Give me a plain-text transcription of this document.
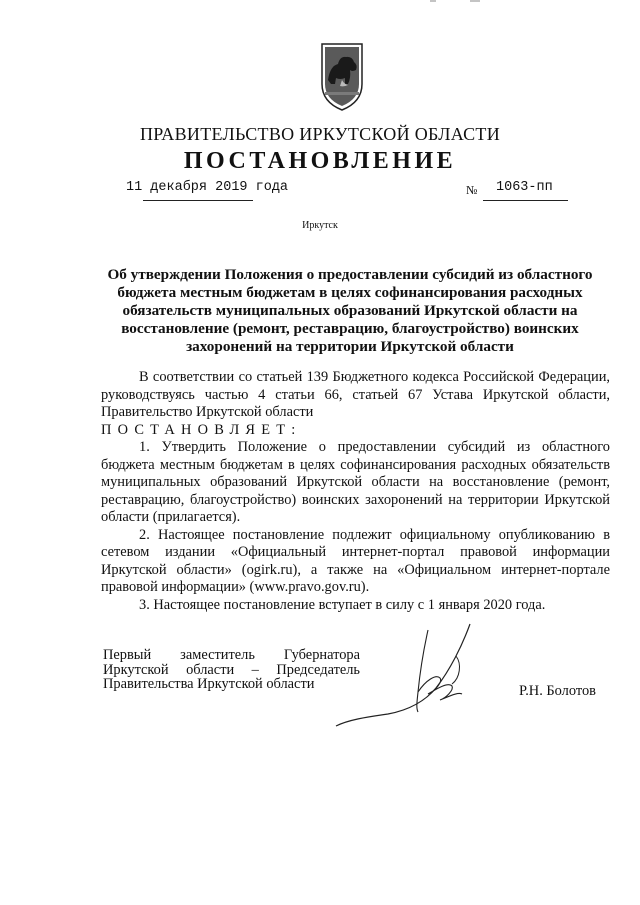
ПРАВИТЕЛЬСТВО ИРКУТСКОЙ ОБЛАСТИ
ПОСТАНОВЛЕНИЕ
11 декабря 2019 года	№ 1063-пп
Иркутск
Об утверждении Положения о предоставлении субсидий из областного
бюджета местным бюджетам в целях софинансирования расходных
обязательств муниципальных образований Иркутской области на
восстановление (ремонт, реставрацию, благоустройство) воинских
захоронений на территории Иркутской области

В соответствии со статьей 139 Бюджетного кодекса Российской Федерации, руководствуясь частью 4 статьи 66, статьей 67 Устава Иркутской области, Правительство Иркутской области

ПОСТАНОВЛЯЕТ:

1. Утвердить Положение о предоставлении субсидий из областного бюджета местным бюджетам в целях софинансирования расходных обязательств муниципальных образований Иркутской области на восстановление (ремонт, реставрацию, благоустройство) воинских захоронений на территории Иркутской области (прилагается).

2. Настоящее постановление подлежит официальному опубликованию в сетевом издании «Официальный интернет-портал правовой информации Иркутской области» (ogirk.ru), а также на «Официальном интернет-портале правовой информации» (www.pravo.gov.ru).

3. Настоящее постановление вступает в силу с 1 января 2020 года.

Первый заместитель Губернатора
Иркутской области – Председатель
Правительства Иркутской области	Р.Н. Болотов
